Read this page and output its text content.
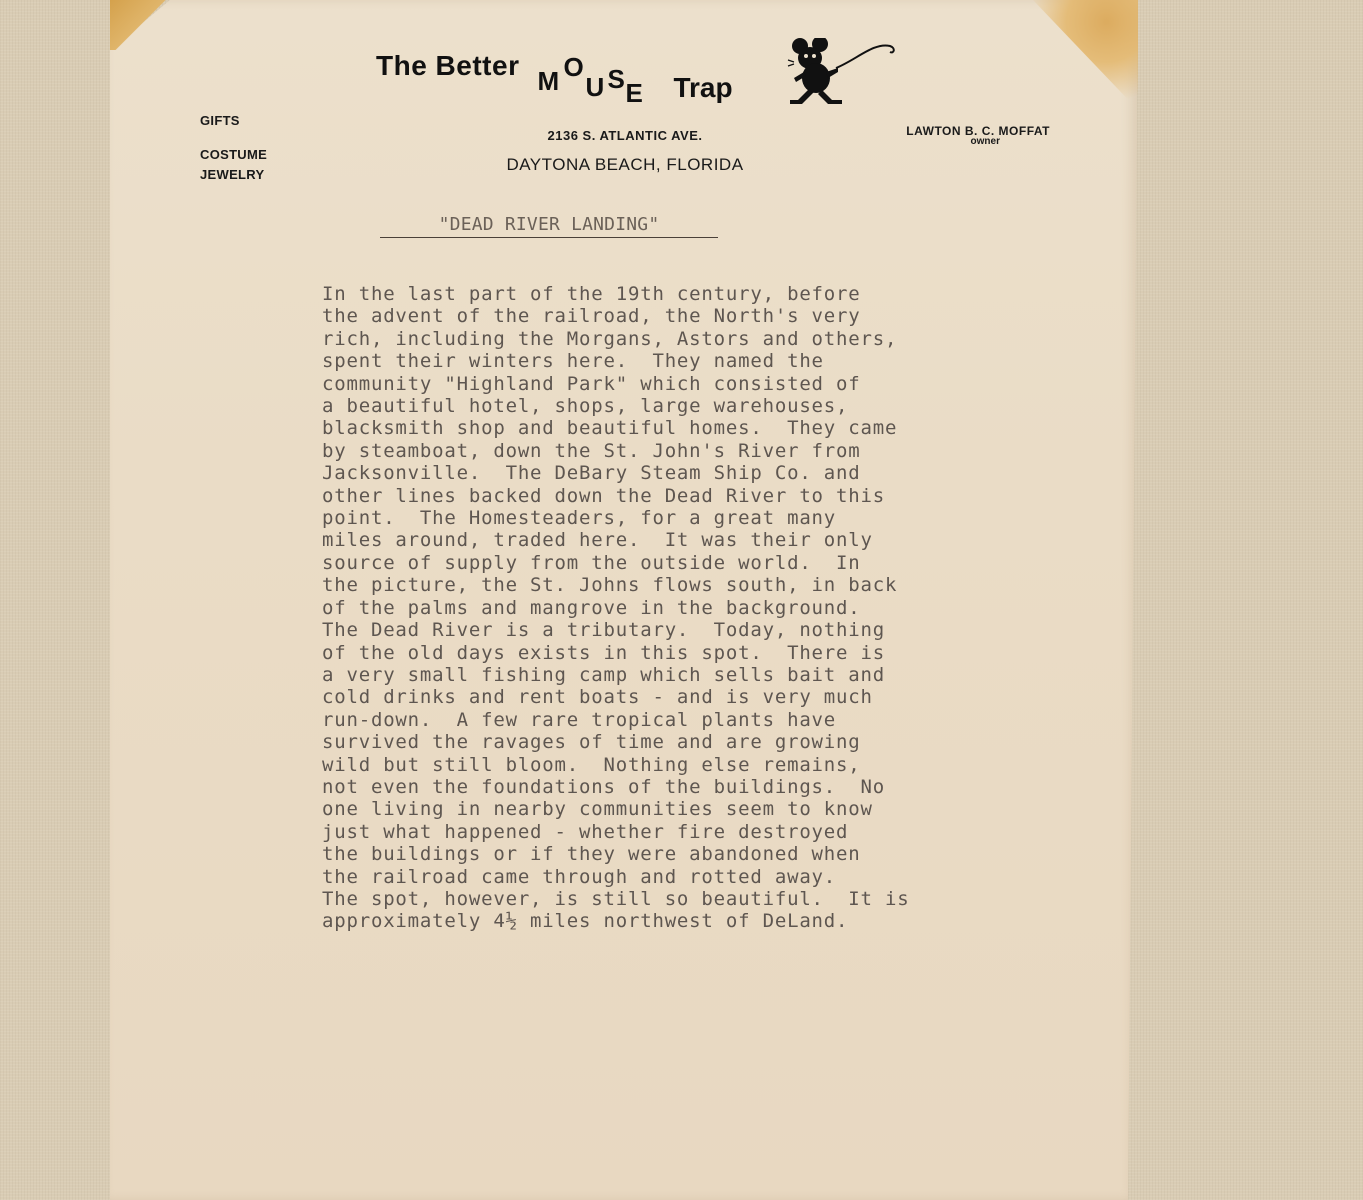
The Better M O
U S E Trap
GIFTS
COSTUME
JEWELRY
2136 S. ATLANTIC AVE.
DAYTONA BEACH, FLORIDA
LAWTON B. C. MOFFAT
owner
"DEAD RIVER LANDING"
In the last part of the 19th century, before
the advent of the railroad, the North's very
rich, including the Morgans, Astors and others,
spent their winters here.  They named the
community "Highland Park" which consisted of
a beautiful hotel, shops, large warehouses,
blacksmith shop and beautiful homes.  They came
by steamboat, down the St. John's River from
Jacksonville.  The DeBary Steam Ship Co. and
other lines backed down the Dead River to this
point.  The Homesteaders, for a great many
miles around, traded here.  It was their only
source of supply from the outside world.  In
the picture, the St. Johns flows south, in back
of the palms and mangrove in the background.
The Dead River is a tributary.  Today, nothing
of the old days exists in this spot.  There is
a very small fishing camp which sells bait and
cold drinks and rent boats - and is very much
run-down.  A few rare tropical plants have
survived the ravages of time and are growing
wild but still bloom.  Nothing else remains,
not even the foundations of the buildings.  No
one living in nearby communities seem to know
just what happened - whether fire destroyed
the buildings or if they were abandoned when
the railroad came through and rotted away.
The spot, however, is still so beautiful.  It is
approximately 4½ miles northwest of DeLand.
